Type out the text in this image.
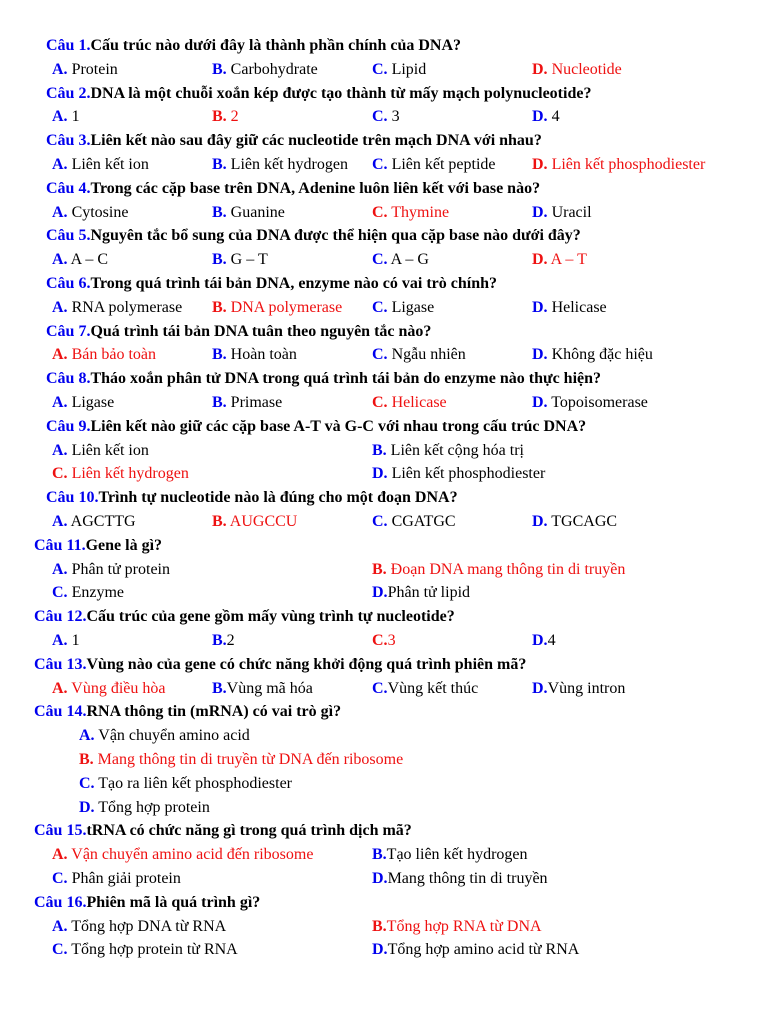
Câu 1.Cấu trúc nào dưới đây là thành phần chính của DNA?
A. Protein	B. Carbohydrate	C. Lipid	D. Nucleotide
Câu 2.DNA là một chuỗi xoắn kép được tạo thành từ mấy mạch polynucleotide?
A. 1	B. 2	C. 3	D. 4
Câu 3.Liên kết nào sau đây giữ các nucleotide trên mạch DNA với nhau?
A. Liên kết ion	B. Liên kết hydrogen C. Liên kết peptide D. Liên kết phosphodiester
Câu 4.Trong các cặp base trên DNA, Adenine luôn liên kết với base nào?
A. Cytosine	B. Guanine	C. Thymine	D. Uracil
Câu 5.Nguyên tắc bổ sung của DNA được thể hiện qua cặp base nào dưới đây?
A. A – C	B. G – T	C. A – G	D. A – T
Câu 6.Trong quá trình tái bản DNA, enzyme nào có vai trò chính?
A. RNA polymerase B. DNA polymerase C. Ligase	D. Helicase
Câu 7.Quá trình tái bản DNA tuân theo nguyên tắc nào?
A. Bán bảo toàn	B. Hoàn toàn	C. Ngẫu nhiên	D. Không đặc hiệu
Câu 8.Tháo xoắn phân tử DNA trong quá trình tái bản do enzyme nào thực hiện?
A. Ligase	B. Primase	C. Helicase	D. Topoisomerase
Câu 9.Liên kết nào giữ các cặp base A-T và G-C với nhau trong cấu trúc DNA?
A. Liên kết ion	B. Liên kết cộng hóa trị
C. Liên kết hydrogen	D. Liên kết phosphodiester
Câu 10.Trình tự nucleotide nào là đúng cho một đoạn DNA?
A. AGCTTG	B. AUGCCU	C. CGATGC	D. TGCAGC
Câu 11.Gene là gì?
A. Phân tử protein	B. Đoạn DNA mang thông tin di truyền
C. Enzyme	D.Phân tử lipid
Câu 12.Cấu trúc của gene gồm mấy vùng trình tự nucleotide?
A. 1	B.2	C.3	D.4
Câu 13.Vùng nào của gene có chức năng khởi động quá trình phiên mã?
A. Vùng điều hòa	B.Vùng mã hóa	C.Vùng kết thúc	D.Vùng intron
Câu 14.RNA thông tin (mRNA) có vai trò gì?
A. Vận chuyển amino acid
B. Mang thông tin di truyền từ DNA đến ribosome
C. Tạo ra liên kết phosphodiester
D. Tổng hợp protein
Câu 15.tRNA có chức năng gì trong quá trình dịch mã?
A. Vận chuyển amino acid đến ribosome	B.Tạo liên kết hydrogen
C. Phân giải protein	D.Mang thông tin di truyền
Câu 16.Phiên mã là quá trình gì?
A. Tổng hợp DNA từ RNA	B.Tổng hợp RNA từ DNA
C. Tổng hợp protein từ RNA	D.Tổng hợp amino acid từ RNA
